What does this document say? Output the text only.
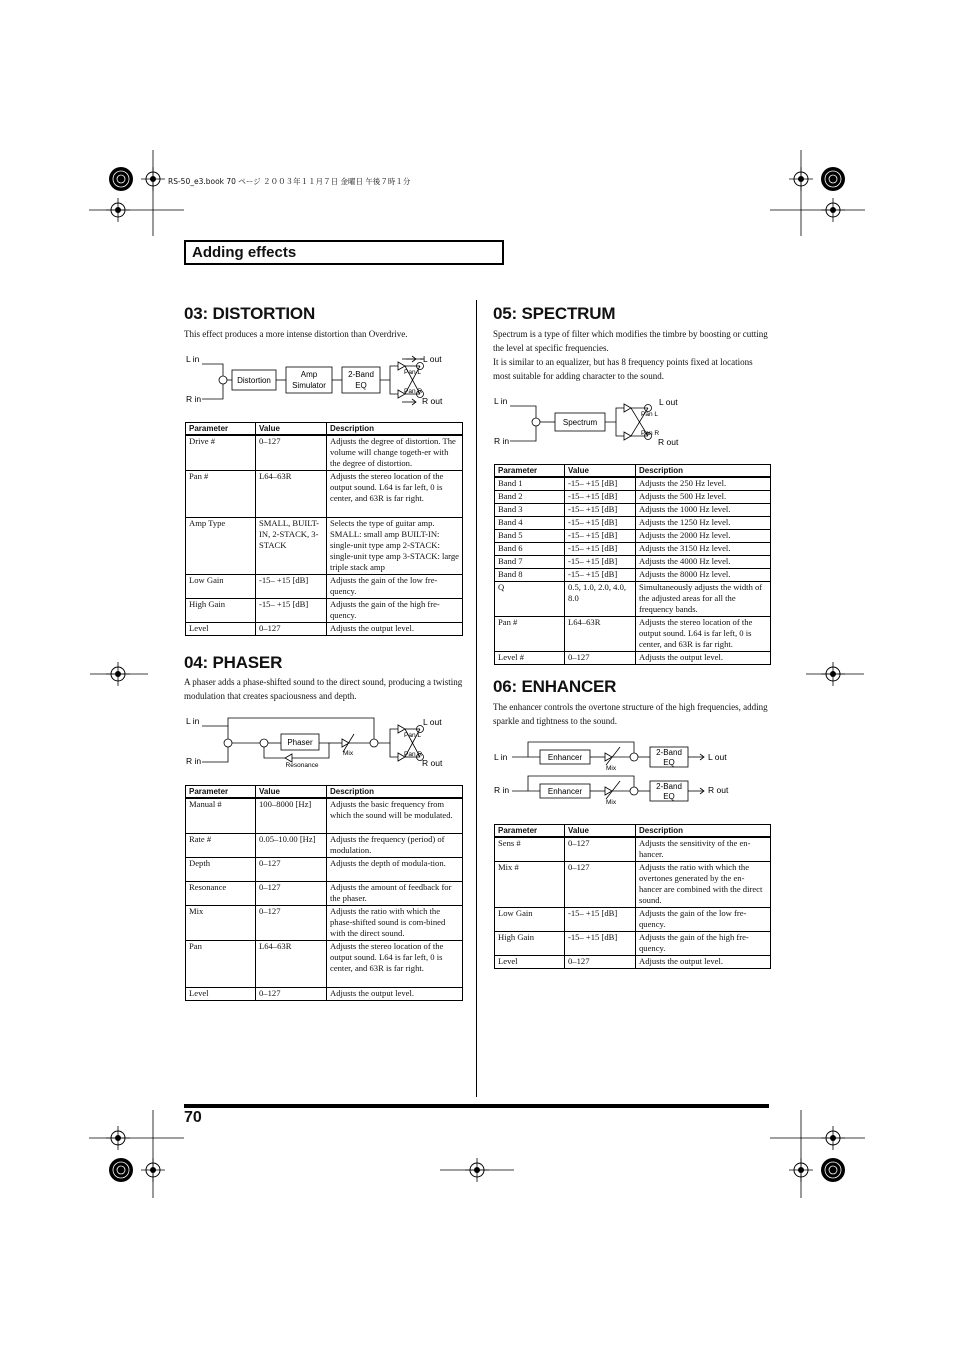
RS-50_e3.book 70 ページ ２００３年１１月７日 金曜日 午後７時１分
Adding effects
03: DISTORTION

This effect produces a more intense distortion than Overdrive.

L in
R in
Distortion
Amp
Simulator
2-Band
EQ
L out
R out
Pan L
Pan R
Parameter	Value	Description
Drive #	0–127	Adjusts the degree of distortion. The volume will change togeth-er with the degree of distortion.
Pan #	L64–63R	Adjusts the stereo location of the output sound. L64 is far left, 0 is center, and 63R is far right.
Amp Type	SMALL, BUILT-IN, 2-STACK, 3-STACK	Selects the type of guitar amp. SMALL: small amp BUILT-IN: single-unit type amp 2-STACK: single-unit type amp 3-STACK: large triple stack amp
Low Gain	-15– +15 [dB]	Adjusts the gain of the low fre-quency.
High Gain	-15– +15 [dB]	Adjusts the gain of the high fre-quency.
Level	0–127	Adjusts the output level.
04: PHASER

A phaser adds a phase-shifted sound to the direct sound, producing a twisting modulation that creates spaciousness and depth.

L in
R in
Phaser
Resonance
Mix
L out
R out
Pan L
Pan R
Parameter	Value	Description
Manual #	100–8000 [Hz]	Adjusts the basic frequency from which the sound will be modulated.
Rate #	0.05–10.00 [Hz]	Adjusts the frequency (period) of modulation.
Depth	0–127	Adjusts the depth of modula-tion.
Resonance	0–127	Adjusts the amount of feedback for the phaser.
Mix	0–127	Adjusts the ratio with which the phase-shifted sound is com-bined with the direct sound.
Pan	L64–63R	Adjusts the stereo location of the output sound. L64 is far left, 0 is center, and 63R is far right.
Level	0–127	Adjusts the output level.
05: SPECTRUM

Spectrum is a type of filter which modifies the timbre by boosting or cutting the level at specific frequencies.

It is similar to an equalizer, but has 8 frequency points fixed at locations most suitable for adding character to the sound.

L in
R in
Spectrum
L out
R out
Pan L
Pan R
Parameter	Value	Description
Band 1	-15– +15 [dB]	Adjusts the 250 Hz level.
Band 2	-15– +15 [dB]	Adjusts the 500 Hz level.
Band 3	-15– +15 [dB]	Adjusts the 1000 Hz level.
Band 4	-15– +15 [dB]	Adjusts the 1250 Hz level.
Band 5	-15– +15 [dB]	Adjusts the 2000 Hz level.
Band 6	-15– +15 [dB]	Adjusts the 3150 Hz level.
Band 7	-15– +15 [dB]	Adjusts the 4000 Hz level.
Band 8	-15– +15 [dB]	Adjusts the 8000 Hz level.
Q	0.5, 1.0, 2.0, 4.0, 8.0	Simultaneously adjusts the width of the adjusted areas for all the frequency bands.
Pan #	L64–63R	Adjusts the stereo location of the output sound. L64 is far left, 0 is center, and 63R is far right.
Level #	0–127	Adjusts the output level.
06: ENHANCER

The enhancer controls the overtone structure of the high frequencies, adding sparkle and tightness to the sound.

L in
R in
Enhancer
Mix
2-Band
EQ
L out
Enhancer
Mix
2-Band
EQ
R out
Parameter	Value	Description
Sens #	0–127	Adjusts the sensitivity of the en-hancer.
Mix #	0–127	Adjusts the ratio with which the overtones generated by the en-hancer are combined with the direct sound.
Low Gain	-15– +15 [dB]	Adjusts the gain of the low fre-quency.
High Gain	-15– +15 [dB]	Adjusts the gain of the high fre-quency.
Level	0–127	Adjusts the output level.
70
